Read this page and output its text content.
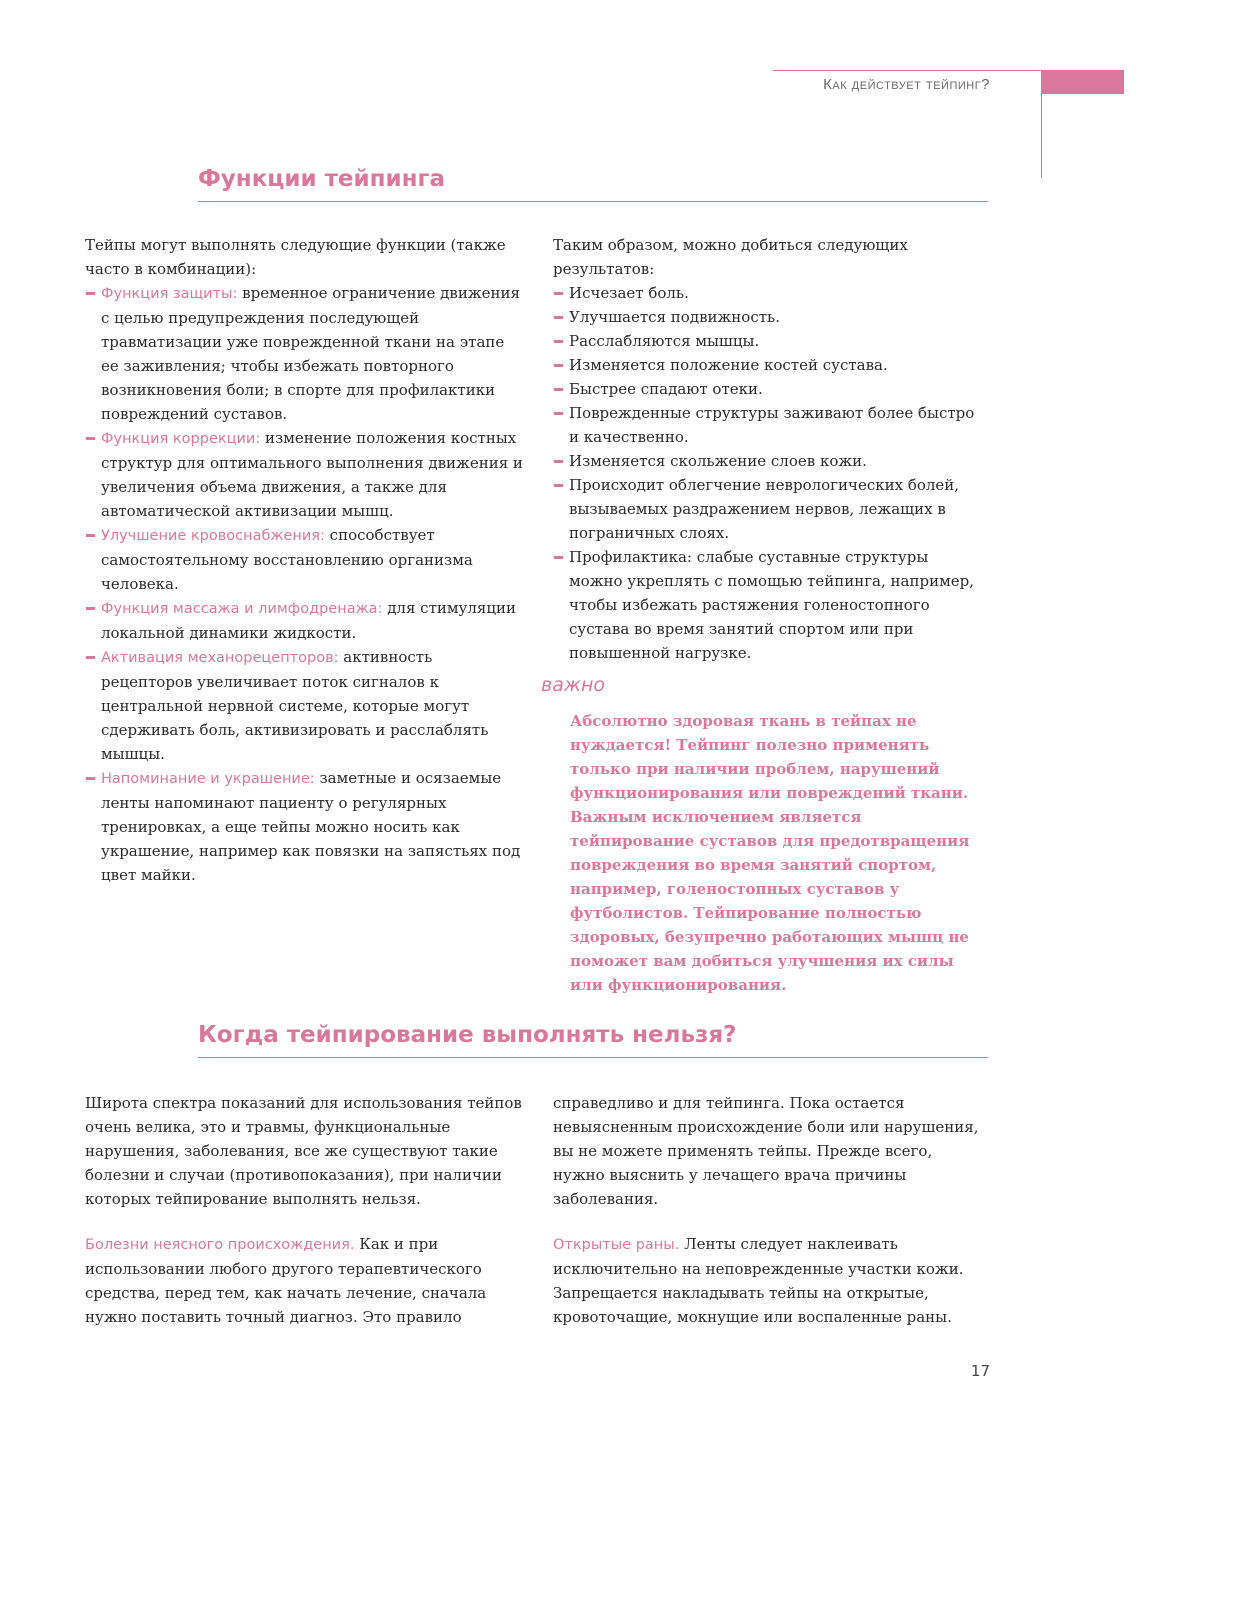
Как действует тейпинг?
Функции тейпинга

Тейпы могут выполнять следующие функции (также часто в комбинации):

Функция защиты: временное ограничение движения с целью предупреждения последующей травматизации уже поврежденной ткани на этапе ее заживления; чтобы избежать повторного возникновения боли; в спорте для профилактики повреждений суставов.
Функция коррекции: изменение положения костных структур для оптимального выполнения движения и увеличения объема движения, а также для автоматической активизации мышц.
Улучшение кровоснабжения: способствует самостоятельному восстановлению организма человека.
Функция массажа и лимфодренажа: для стимуляции локальной динамики жидкости.
Активация механорецепторов: активность рецепторов увеличивает поток сигналов к центральной нервной системе, которые могут сдерживать боль, активизировать и расслаблять мышцы.
Напоминание и украшение: заметные и осязаемые ленты напоминают пациенту о регулярных тренировках, а еще тейпы можно носить как украшение, например как повязки на запястьях под цвет майки.

Таким образом, можно добиться следующих результатов:

Исчезает боль.
Улучшается подвижность.
Расслабляются мышцы.
Изменяется положение костей сустава.
Быстрее спадают отеки.
Поврежденные структуры заживают более быстро и качественно.
Изменяется скольжение слоев кожи.
Происходит облегчение неврологических болей, вызываемых раздражением нервов, лежащих в пограничных слоях.
Профилактика: слабые суставные структуры можно укреплять с помощью тейпинга, например, чтобы избежать растяжения голеностопного сустава во время занятий спортом или при повышенной нагрузке.
важно

Абсолютно здоровая ткань в тейпах не нуждается! Тейпинг полезно применять только при наличии проблем, нарушений функционирования или повреждений ткани. Важным исключением является тейпирование суставов для предотвращения повреждения во время занятий спортом, например, голеностопных суставов у футболистов. Тейпирование полностью здоровых, безупречно работающих мышц не поможет вам добиться улучшения их силы или функционирования.

Когда тейпирование выполнять нельзя?

Широта спектра показаний для использования тейпов очень велика, это и травмы, функциональные нарушения, заболевания, все же существуют такие болезни и случаи (противопоказания), при наличии которых тейпирование выполнять нельзя.

Болезни неясного происхождения. Как и при использовании любого другого терапевтического средства, перед тем, как начать лечение, сначала нужно поставить точный диагноз. Это правило

справедливо и для тейпинга. Пока остается невыясненным происхождение боли или нарушения, вы не можете применять тейпы. Прежде всего, нужно выяснить у лечащего врача причины заболевания.

Открытые раны. Ленты следует наклеивать исключительно на неповрежденные участки кожи. Запрещается накладывать тейпы на открытые, кровоточащие, мокнущие или воспаленные раны.

17
